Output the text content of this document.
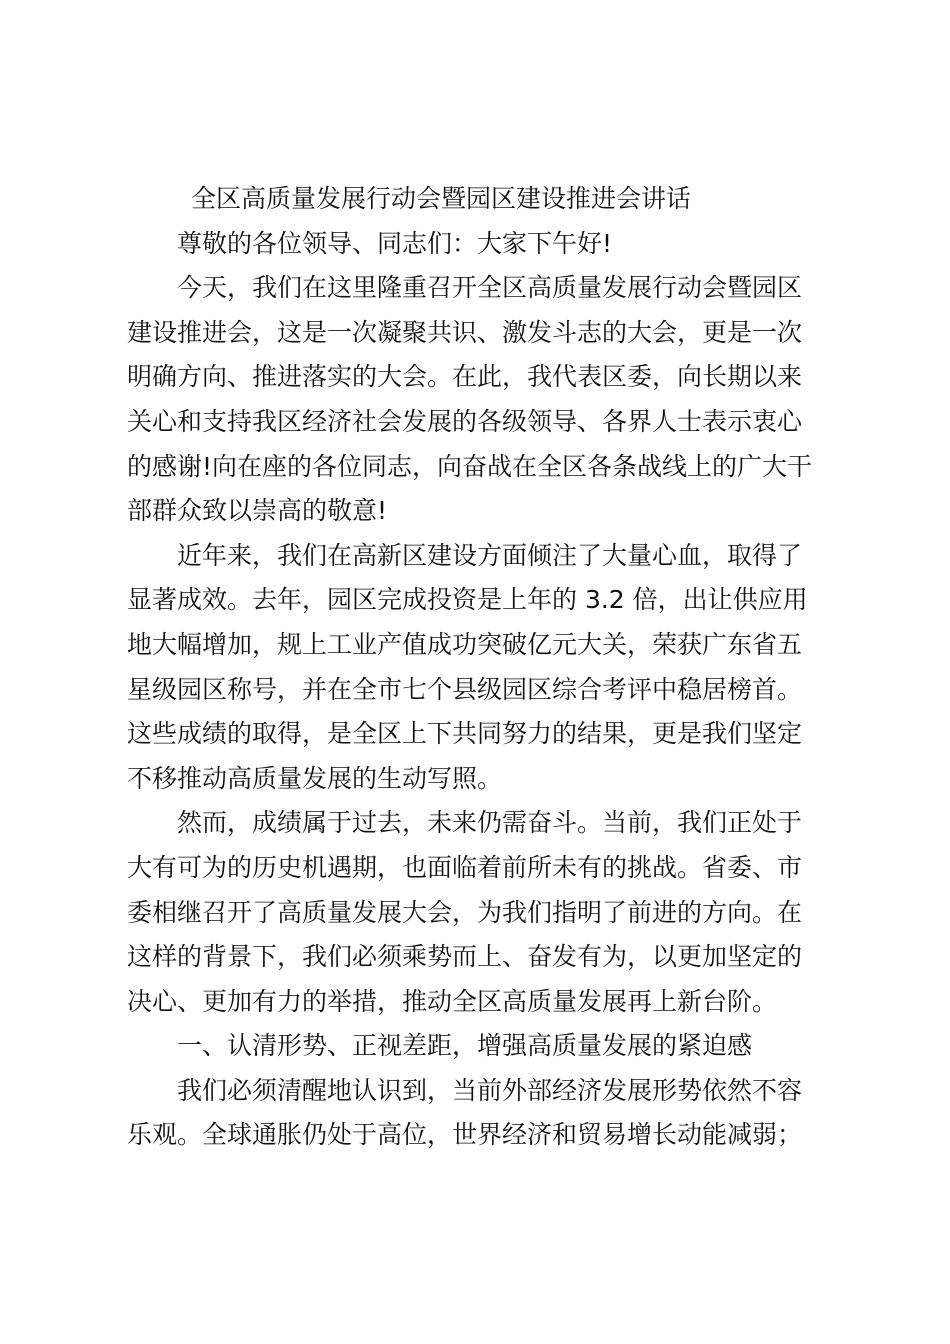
全区高质量发展行动会暨园区建设推进会讲话
尊敬的各位领导、同志们：大家下午好!
今天，我们在这里隆重召开全区高质量发展行动会暨园区
建设推进会，这是一次凝聚共识、激发斗志的大会，更是一次
明确方向、推进落实的大会。在此，我代表区委，向长期以来
关心和支持我区经济社会发展的各级领导、各界人士表示衷心
的感谢!向在座的各位同志，向奋战在全区各条战线上的广大干
部群众致以崇高的敬意!
近年来，我们在高新区建设方面倾注了大量心血，取得了
显著成效。去年，园区完成投资是上年的 3.2 倍，出让供应用
地大幅增加，规上工业产值成功突破亿元大关，荣获广东省五
星级园区称号，并在全市七个县级园区综合考评中稳居榜首。
这些成绩的取得，是全区上下共同努力的结果，更是我们坚定
不移推动高质量发展的生动写照。
然而，成绩属于过去，未来仍需奋斗。当前，我们正处于
大有可为的历史机遇期，也面临着前所未有的挑战。省委、市
委相继召开了高质量发展大会，为我们指明了前进的方向。在
这样的背景下，我们必须乘势而上、奋发有为，以更加坚定的
决心、更加有力的举措，推动全区高质量发展再上新台阶。
一、认清形势、正视差距，增强高质量发展的紧迫感
我们必须清醒地认识到，当前外部经济发展形势依然不容
乐观。全球通胀仍处于高位，世界经济和贸易增长动能减弱；
